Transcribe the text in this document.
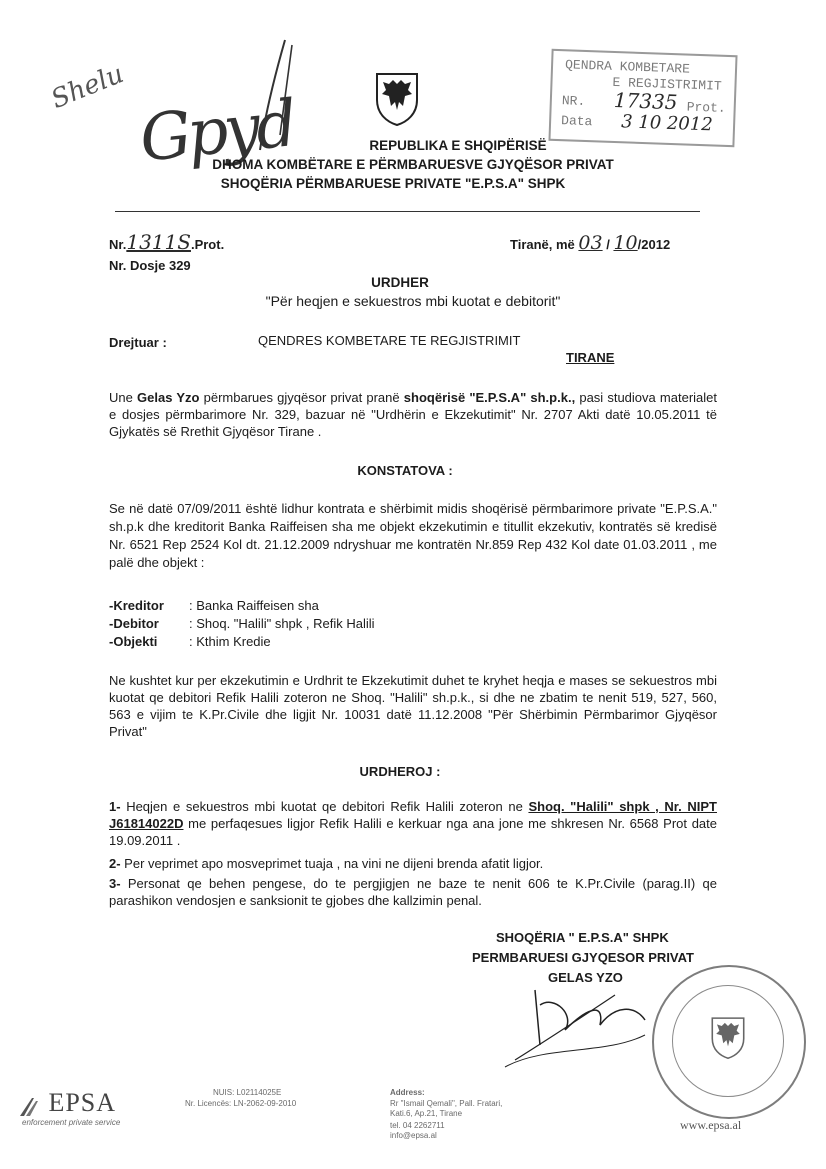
Shelu
Gpyd
QENDRA KOMBETARE
E REGJISTRIMIT
NR. 17335 Prot.
Data 3 10 2012
REPUBLIKA E SHQIPËRISË
DHOMA KOMBËTARE E PËRMBARUESVE GJYQËSOR PRIVAT
SHOQËRIA PËRMBARUESE PRIVATE "E.P.S.A" SHPK
Nr.1311S.Prot.
Nr. Dosje 329
Tiranë, më 03 / 10/2012
URDHER
"Për heqjen e sekuestros mbi kuotat e debitorit"
Drejtuar :	QENDRES KOMBETARE TE REGJISTRIMIT
TIRANE
Une Gelas Yzo përmbarues gjyqësor privat pranë shoqërisë "E.P.S.A" sh.p.k., pasi studiova materialet e dosjes përmbarimore Nr. 329, bazuar në "Urdhërin e Ekzekutimit" Nr. 2707 Akti datë 10.05.2011 të Gjykatës së Rrethit Gjyqësor Tirane .
KONSTATOVA :
Se në datë 07/09/2011 është lidhur kontrata e shërbimit midis shoqërisë përmbarimore private "E.P.S.A." sh.p.k dhe kreditorit Banka Raiffeisen sha me objekt ekzekutimin e titullit ekzekutiv, kontratës së kredisë Nr. 6521 Rep 2524 Kol dt. 21.12.2009 ndryshuar me kontratën Nr.859 Rep 432 Kol date 01.03.2011 , me palë dhe objekt :
-Kreditor	: Banka Raiffeisen sha
-Debitor	: Shoq. "Halili" shpk , Refik Halili
-Objekti	: Kthim Kredie
Ne kushtet kur per ekzekutimin e Urdhrit te Ekzekutimit duhet te kryhet heqja e mases se sekuestros mbi kuotat qe debitori Refik Halili zoteron ne Shoq. "Halili" sh.p.k., si dhe ne zbatim te nenit 519, 527, 560, 563 e vijim te K.Pr.Civile dhe ligjit Nr. 10031 datë 11.12.2008 "Për Shërbimin Përmbarimor Gjyqësor Privat"
URDHEROJ :
1- Heqjen e sekuestros mbi kuotat qe debitori Refik Halili zoteron ne Shoq. "Halili" shpk , Nr. NIPT J61814022D me perfaqesues ligjor Refik Halili e kerkuar nga ana jone me shkresen Nr. 6568 Prot date 19.09.2011 .
2- Per veprimet apo mosveprimet tuaja , na vini ne dijeni brenda afatit ligjor.
3- Personat qe behen pengese, do te pergjigjen ne baze te nenit 606 te K.Pr.Civile (parag.II) qe parashikon vendosjen e sanksionit te gjobes dhe kallzimin penal.
SHOQËRIA " E.P.S.A" SHPK
PERMBARUESI GJYQESOR PRIVAT
GELAS YZO
EPSA
enforcement private service
NUIS: L02114025E
Nr. Licencës: LN-2062-09-2010
Address:
Rr "Ismail Qemali", Pall. Fratari,
Kati.6, Ap.21, Tirane
tel. 04 2262711
info@epsa.al
www.epsa.al
